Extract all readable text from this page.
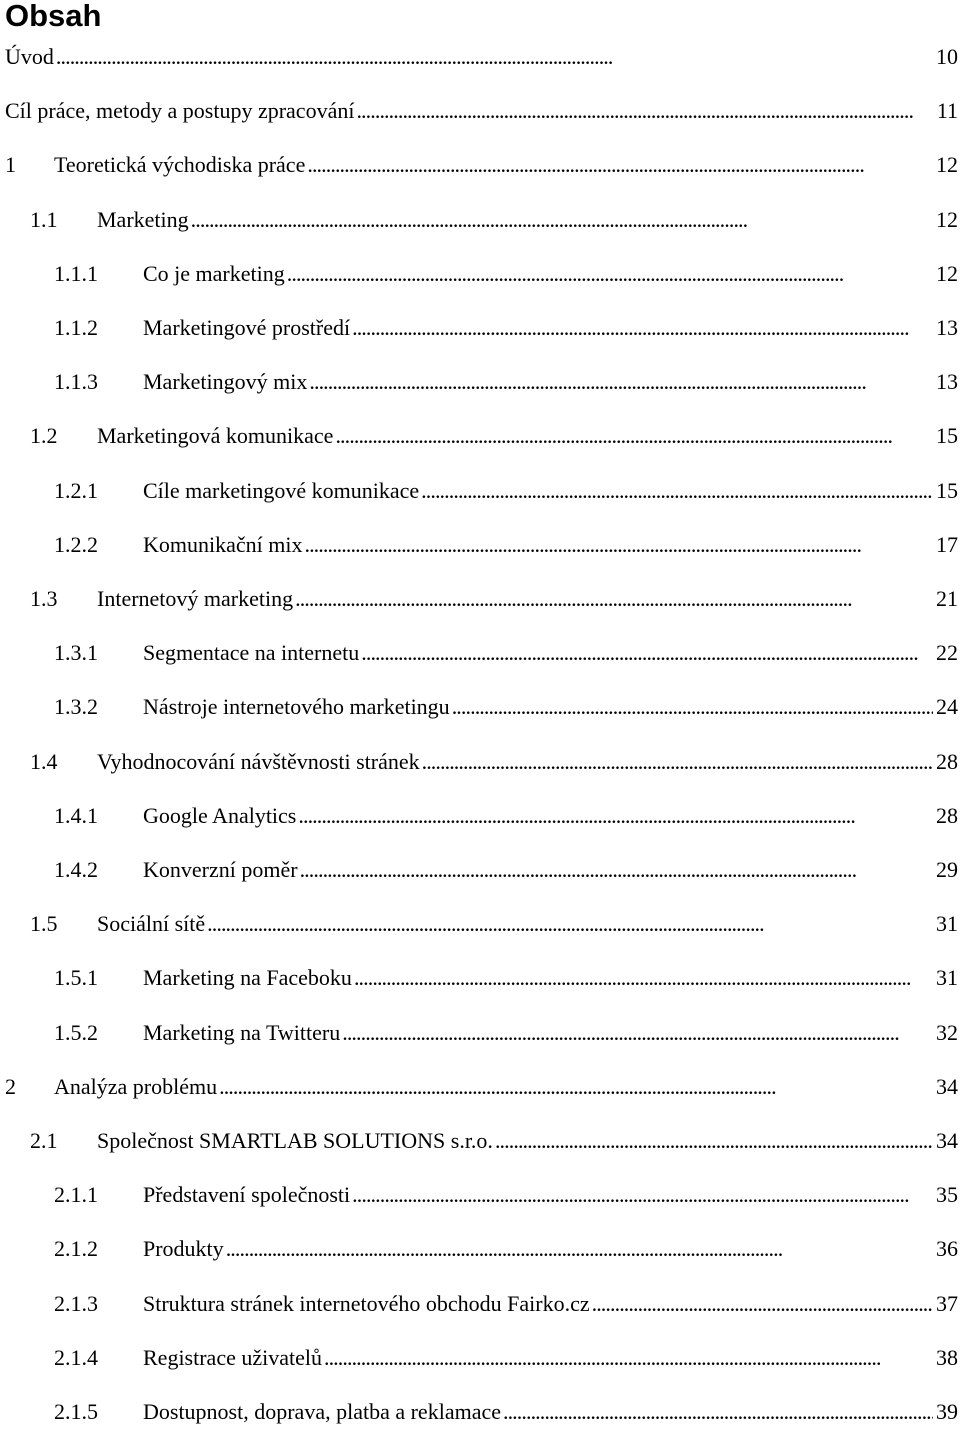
Obsah
Úvod . . .	10
Cíl práce, metody a postupy zpracování . . .	11
1 Teoretická východiska práce . . .	12
1.1 Marketing . . .	12
1.1.1 Co je marketing . . .	12
1.1.2 Marketingové prostředí . . .	13
1.1.3 Marketingový mix . . .	13
1.2 Marketingová komunikace . . .	15
1.2.1 Cíle marketingové komunikace . . .	15
1.2.2 Komunikační mix . . .	17
1.3 Internetový marketing . . .	21
1.3.1 Segmentace na internetu . . .	22
1.3.2 Nástroje internetového marketingu . . .	24
1.4 Vyhodnocování návštěvnosti stránek . . .	28
1.4.1 Google Analytics . . .	28
1.4.2 Konverzní poměr . . .	29
1.5 Sociální sítě . . .	31
1.5.1 Marketing na Faceboku . . .	31
1.5.2 Marketing na Twitteru . . .	32
2 Analýza problému . . .	34
2.1 Společnost SMARTLAB SOLUTIONS s.r.o. . . .	34
2.1.1 Představení společnosti . . .	35
2.1.2 Produkty . . .	36
2.1.3 Struktura stránek internetového obchodu Fairko.cz . . .	37
2.1.4 Registrace uživatelů . . .	38
2.1.5 Dostupnost, doprava, platba a reklamace . . .	39
